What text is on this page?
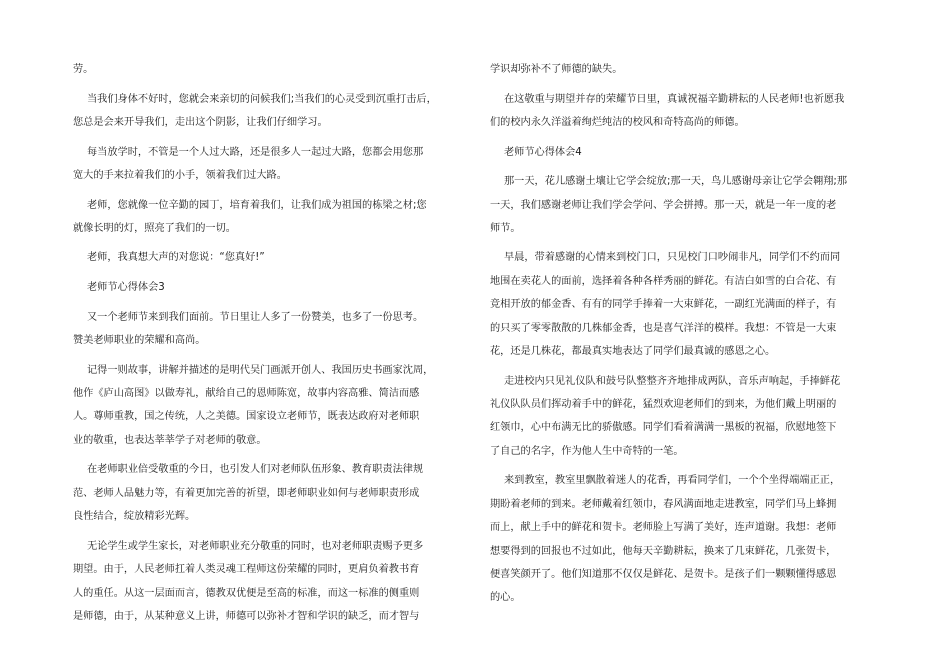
劳。
当我们身体不好时，您就会来亲切的问候我们;当我们的心灵受到沉重打击后，
您总是会来开导我们，走出这个阴影，让我们仔细学习。
每当放学时，不管是一个人过大路，还是很多人一起过大路，您都会用您那
宽大的手来拉着我们的小手，领着我们过大路。
老师，您就像一位辛勤的园丁，培育着我们，让我们成为祖国的栋梁之材;您
就像长明的灯，照亮了我们的一切。
老师，我真想大声的对您说：“您真好!”
老师节心得体会3
又一个老师节来到我们面前。节日里让人多了一份赞美，也多了一份思考。
赞美老师职业的荣耀和高尚。
记得一则故事，讲解并描述的是明代吴门画派开创人、我国历史书画家沈周，
他作《庐山高图》以做寿礼，献给自己的恩师陈宽，故事内容高雅、简洁而感
人。尊师重教，国之传统，人之美德。国家设立老师节，既表达政府对老师职
业的敬重，也表达莘莘学子对老师的敬意。
在老师职业倍受敬重的今日，也引发人们对老师队伍形象、教育职责法律规
范、老师人品魅力等，有着更加完善的祈望，即老师职业如何与老师职责形成
良性结合，绽放精彩光辉。
无论学生或学生家长，对老师职业充分敬重的同时，也对老师职责赐予更多
期望。由于，人民老师扛着人类灵魂工程师这份荣耀的同时，更肩负着教书育
人的重任。从这一层面而言，德教双优便是至高的标准，而这一标准的侧重则
是师德，由于，从某种意义上讲，师德可以弥补才智和学识的缺乏，而才智与
学识却弥补不了师德的缺失。
在这敬重与期望并存的荣耀节日里，真诚祝福辛勤耕耘的人民老师!也祈愿我
们的校内永久洋溢着绚烂纯洁的校风和奇特高尚的师德。
老师节心得体会4
那一天，花儿感谢土壤让它学会绽放;那一天，鸟儿感谢母亲让它学会翱翔;那
一天，我们感谢老师让我们学会学问、学会拼搏。那一天，就是一年一度的老
师节。
早晨，带着感谢的心情来到校门口，只见校门口吵闹非凡，同学们不约而同
地围在卖花人的面前，选择着各种各样秀丽的鲜花。有洁白如雪的白合花、有
竞相开放的郁金香、有有的同学手捧着一大束鲜花，一副红光满面的样子，有
的只买了零零散散的几株郁金香，也是喜气洋洋的模样。我想：不管是一大束
花，还是几株花，都最真实地表达了同学们最真诚的感恩之心。
走进校内只见礼仪队和鼓号队整整齐齐地排成两队，音乐声响起，手捧鲜花
礼仪队队员们挥动着手中的鲜花，猛烈欢迎老师们的到来，为他们戴上明丽的
红领巾，心中布满无比的骄傲感。同学们看着满满一黑板的祝福，欣慰地签下
了自己的名字，作为他人生中奇特的一笔。
来到教室，教室里飘散着迷人的花香，再看同学们，一个个坐得端端正正，
期盼着老师的到来。老师戴着红领巾，春风满面地走进教室，同学们马上蜂拥
而上，献上手中的鲜花和贺卡。老师脸上写满了美好，连声道谢。我想：老师
想要得到的回报也不过如此，他每天辛勤耕耘，换来了几束鲜花，几张贺卡，
便喜笑颜开了。他们知道那不仅仅是鲜花、是贺卡。是孩子们一颗颗懂得感恩
的心。
